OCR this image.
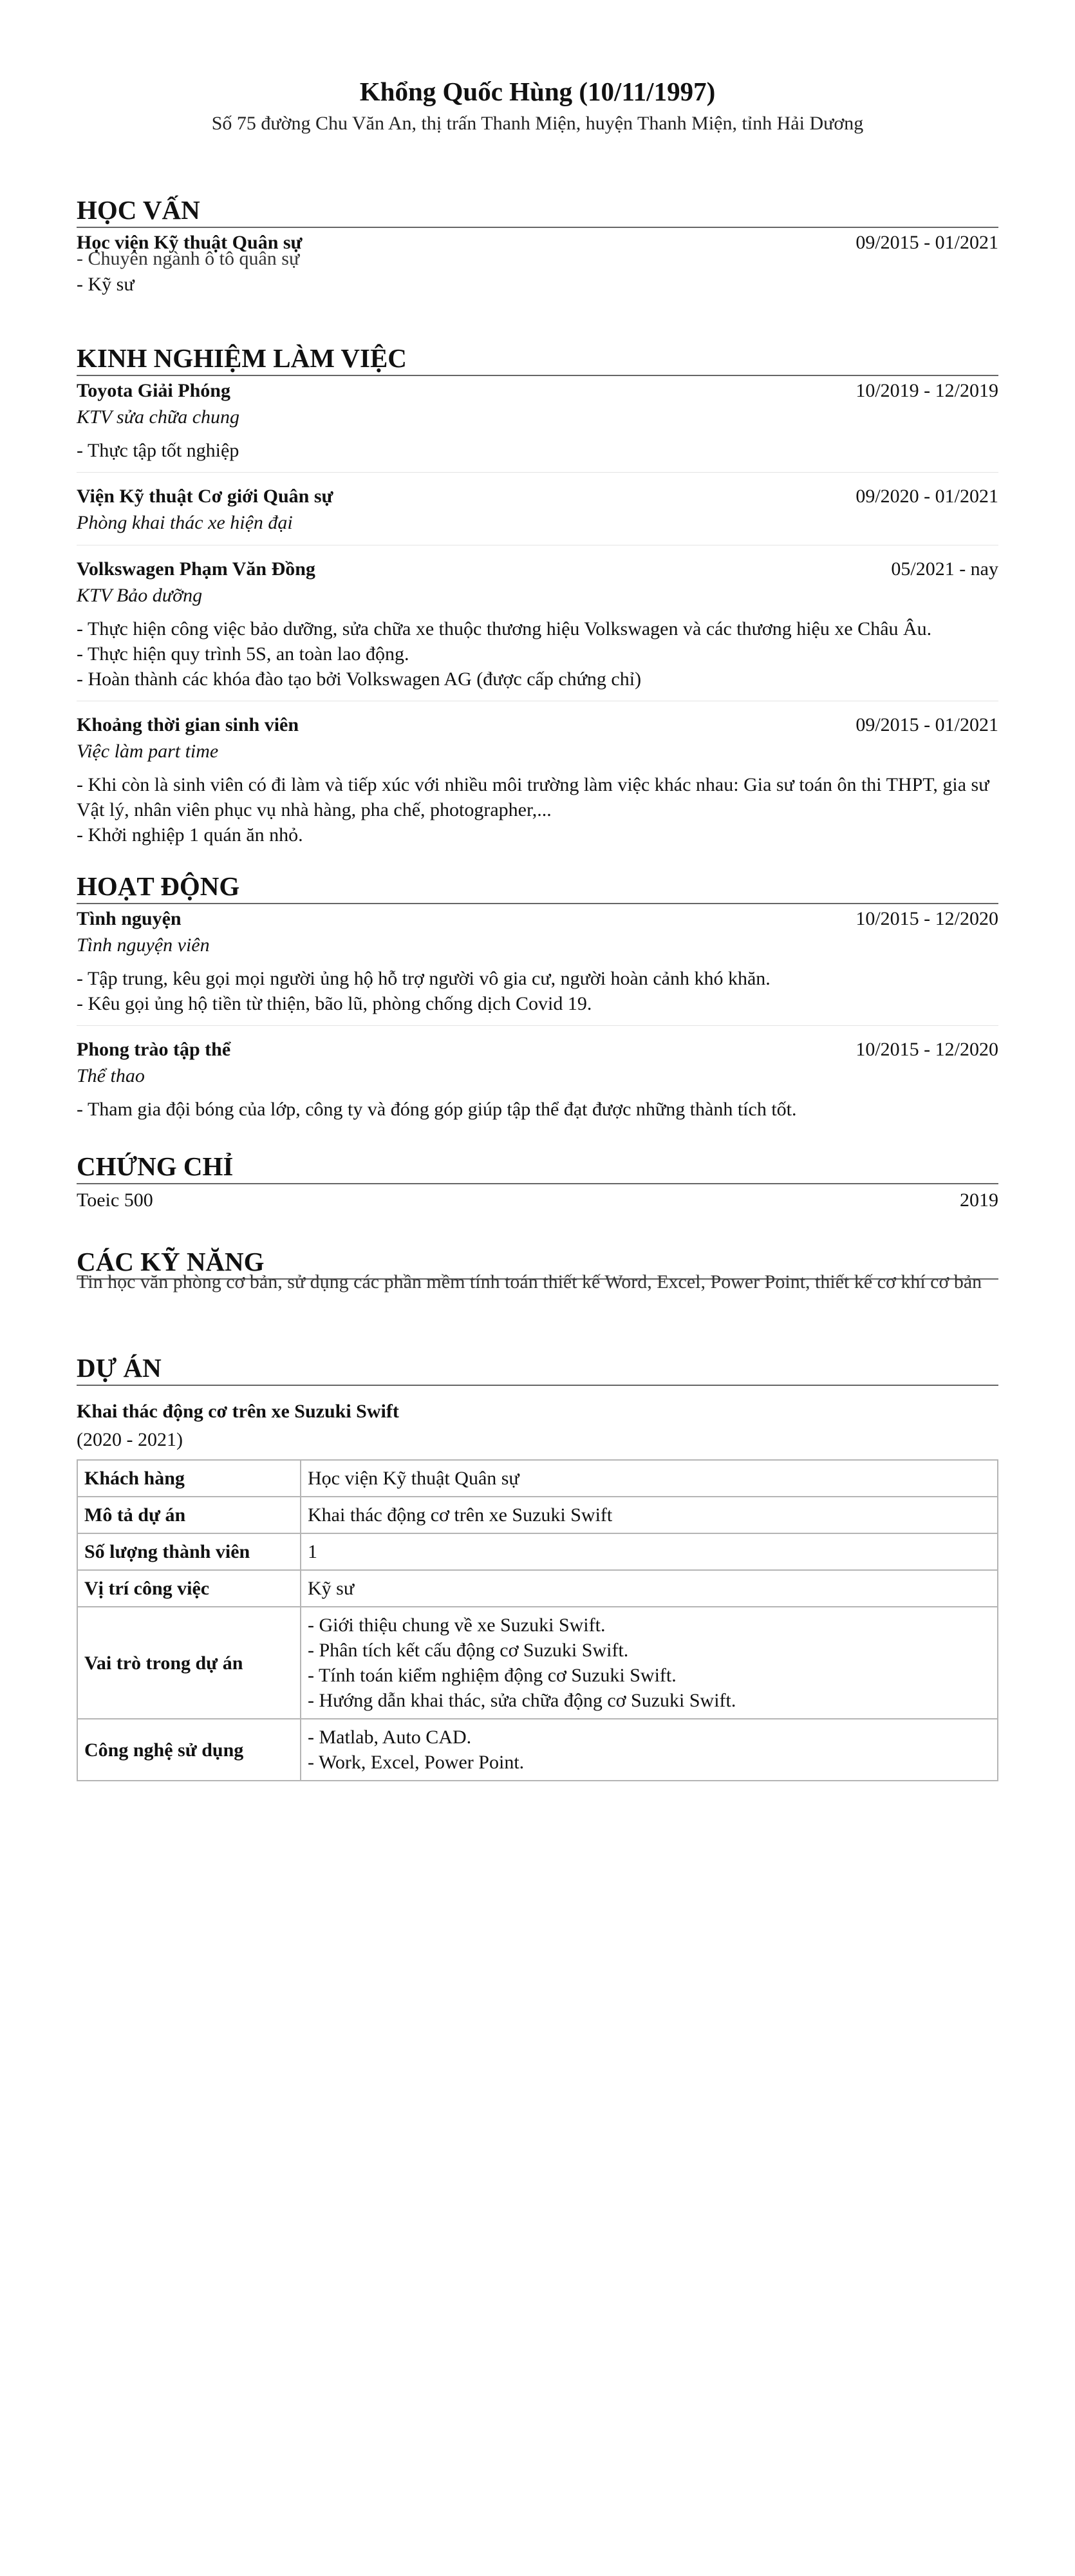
Khổng Quốc Hùng (10/11/1997)
Số 75 đường Chu Văn An, thị trấn Thanh Miện, huyện Thanh Miện, tỉnh Hải Dương
HỌC VẤN
Học viện Kỹ thuật Quân sự	09/2015 - 01/2021
- Chuyên ngành ô tô quân sự
- Kỹ sư
KINH NGHIỆM LÀM VIỆC
Toyota Giải Phóng	10/2019 - 12/2019
KTV sửa chữa chung
- Thực tập tốt nghiệp
Viện Kỹ thuật Cơ giới Quân sự	09/2020 - 01/2021
Phòng khai thác xe hiện đại
Volkswagen Phạm Văn Đồng	05/2021 - nay
KTV Bảo dưỡng
- Thực hiện công việc bảo dưỡng, sửa chữa xe thuộc thương hiệu Volkswagen và các thương hiệu xe Châu Âu.
- Thực hiện quy trình 5S, an toàn lao động.
- Hoàn thành các khóa đào tạo bởi Volkswagen AG (được cấp chứng chỉ)
Khoảng thời gian sinh viên	09/2015 - 01/2021
Việc làm part time
- Khi còn là sinh viên có đi làm và tiếp xúc với nhiều môi trường làm việc khác nhau: Gia sư toán ôn thi THPT, gia sư Vật lý, nhân viên phục vụ nhà hàng, pha chế, photographer,...
- Khởi nghiệp 1 quán ăn nhỏ.
HOẠT ĐỘNG
Tình nguyện	10/2015 - 12/2020
Tình nguyện viên
- Tập trung, kêu gọi mọi người ủng hộ hỗ trợ người vô gia cư, người hoàn cảnh khó khăn.
- Kêu gọi ủng hộ tiền từ thiện, bão lũ, phòng chống dịch Covid 19.
Phong trào tập thể	10/2015 - 12/2020
Thể thao
- Tham gia đội bóng của lớp, công ty và đóng góp giúp tập thể đạt được những thành tích tốt.
CHỨNG CHỈ
Toeic 500	2019
CÁC KỸ NĂNG
Tin học văn phòng cơ bản, sử dụng các phần mềm tính toán thiết kế Word, Excel, Power Point, thiết kế cơ khí cơ bản
DỰ ÁN
Khai thác động cơ trên xe Suzuki Swift
(2020 - 2021)
Khách hàng	Học viện Kỹ thuật Quân sự
Mô tả dự án	Khai thác động cơ trên xe Suzuki Swift
Số lượng thành viên	1
Vị trí công việc	Kỹ sư
Vai trò trong dự án	- Giới thiệu chung về xe Suzuki Swift.
- Phân tích kết cấu động cơ Suzuki Swift.
- Tính toán kiểm nghiệm động cơ Suzuki Swift.
- Hướng dẫn khai thác, sửa chữa động cơ Suzuki Swift.
Công nghệ sử dụng	- Matlab, Auto CAD.
- Work, Excel, Power Point.
